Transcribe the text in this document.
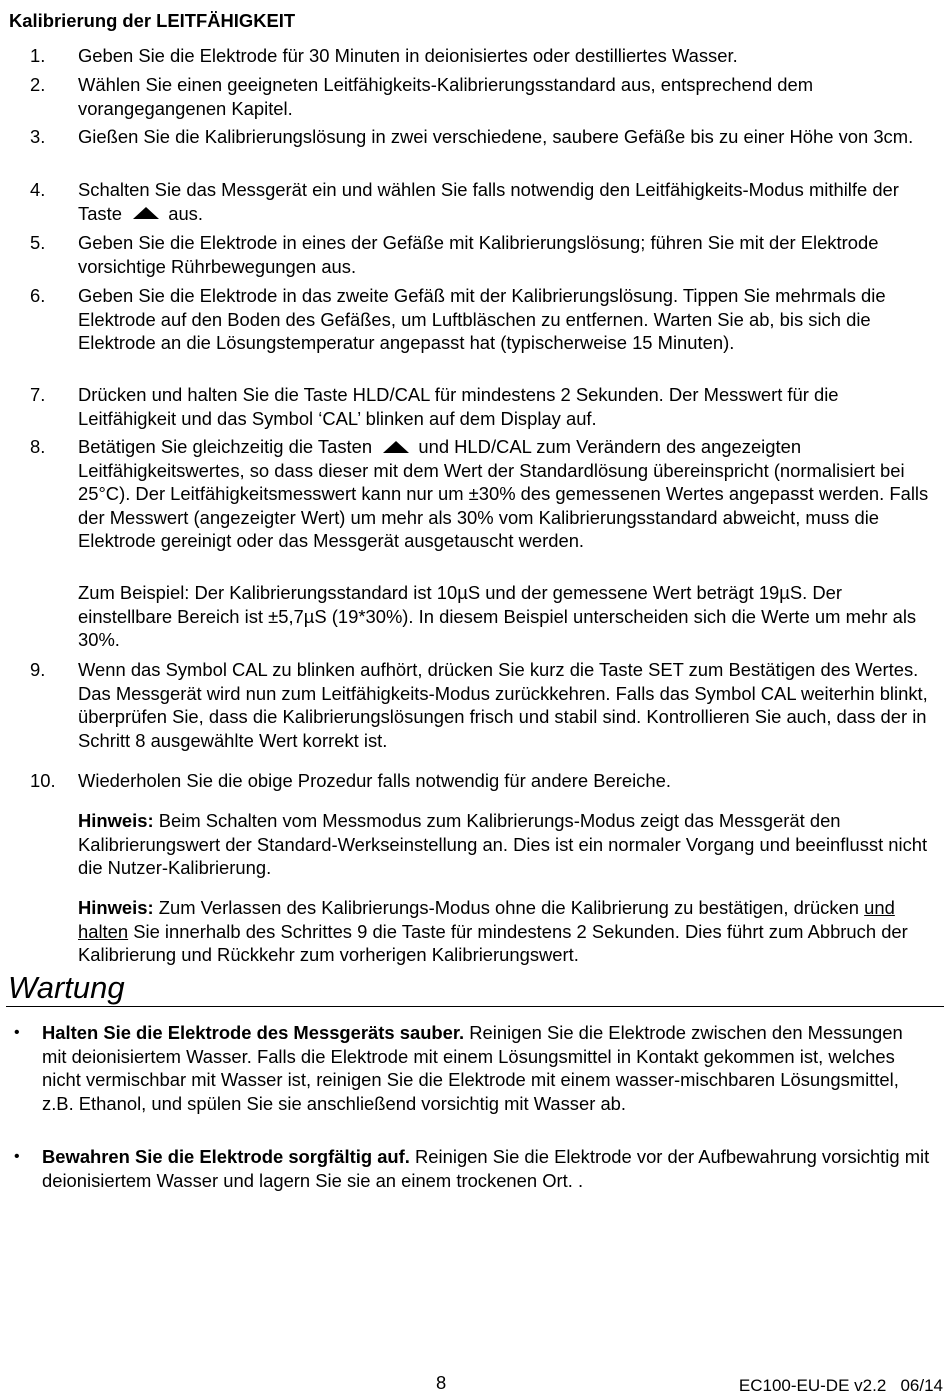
Kalibrierung der LEITFÄHIGKEIT
1.	Geben Sie die Elektrode für 30 Minuten in deionisiertes oder destilliertes Wasser.
2.	Wählen Sie einen geeigneten Leitfähigkeits-Kalibrierungsstandard aus, entsprechend dem vorangegangenen Kapitel.
3.	Gießen Sie die Kalibrierungslösung in zwei verschiedene, saubere Gefäße bis zu einer Höhe von 3cm.
4.	Schalten Sie das Messgerät ein und wählen Sie falls notwendig den Leitfähigkeits-Modus mithilfe der Taste	aus.
5.	Geben Sie die Elektrode in eines der Gefäße mit Kalibrierungslösung; führen Sie mit der Elektrode vorsichtige Rührbewegungen aus.
6.	Geben Sie die Elektrode in das zweite Gefäß mit der Kalibrierungslösung. Tippen Sie mehrmals die Elektrode auf den Boden des Gefäßes, um Luftbläschen zu entfernen. Warten Sie ab, bis sich die Elektrode an die Lösungstemperatur angepasst hat (typischerweise 15 Minuten).
7.	Drücken und halten Sie die Taste HLD/CAL für mindestens 2 Sekunden. Der Messwert für die Leitfähigkeit und das Symbol ‘CAL’ blinken auf dem Display auf.
8.	Betätigen Sie gleichzeitig die Tasten	und HLD/CAL zum Verändern des angezeigten Leitfähigkeitswertes, so dass dieser mit dem Wert der Standardlösung übereinspricht (normalisiert bei 25°C). Der Leitfähigkeitsmesswert kann nur um ±30% des gemessenen Wertes angepasst werden. Falls der Messwert (angezeigter Wert) um mehr als 30% vom Kalibrierungsstandard abweicht, muss die Elektrode gereinigt oder das Messgerät ausgetauscht werden.
Zum Beispiel: Der Kalibrierungsstandard ist 10µS und der gemessene Wert beträgt 19µS. Der einstellbare Bereich ist ±5,7µS (19*30%). In diesem Beispiel unterscheiden sich die Werte um mehr als 30%.
9.	Wenn das Symbol CAL zu blinken aufhört, drücken Sie kurz die Taste SET zum Bestätigen des Wertes. Das Messgerät wird nun zum Leitfähigkeits-Modus zurückkehren. Falls das Symbol CAL weiterhin blinkt, überprüfen Sie, dass die Kalibrierungslösungen frisch und stabil sind. Kontrollieren Sie auch, dass der in Schritt 8 ausgewählte Wert korrekt ist.
10.	Wiederholen Sie die obige Prozedur falls notwendig für andere Bereiche.
Hinweis: Beim Schalten vom Messmodus zum Kalibrierungs-Modus zeigt das Messgerät den Kalibrierungswert der Standard-Werkseinstellung an. Dies ist ein normaler Vorgang und beeinflusst nicht die Nutzer-Kalibrierung.
Hinweis: Zum Verlassen des Kalibrierungs-Modus ohne die Kalibrierung zu bestätigen, drücken und halten Sie innerhalb des Schrittes 9 die Taste für mindestens 2 Sekunden. Dies führt zum Abbruch der Kalibrierung und Rückkehr zum vorherigen Kalibrierungswert.
Wartung
• Halten Sie die Elektrode des Messgeräts sauber. Reinigen Sie die Elektrode zwischen den Messungen mit deionisiertem Wasser. Falls die Elektrode mit einem Lösungsmittel in Kontakt gekommen ist, welches nicht vermischbar mit Wasser ist, reinigen Sie die Elektrode mit einem wasser-mischbaren Lösungsmittel, z.B. Ethanol, und spülen Sie sie anschließend vorsichtig mit Wasser ab.
• Bewahren Sie die Elektrode sorgfältig auf. Reinigen Sie die Elektrode vor der Aufbewahrung vorsichtig mit deionisiertem Wasser und lagern Sie sie an einem trockenen Ort. .
8	EC100-EU-DE v2.2   06/14
